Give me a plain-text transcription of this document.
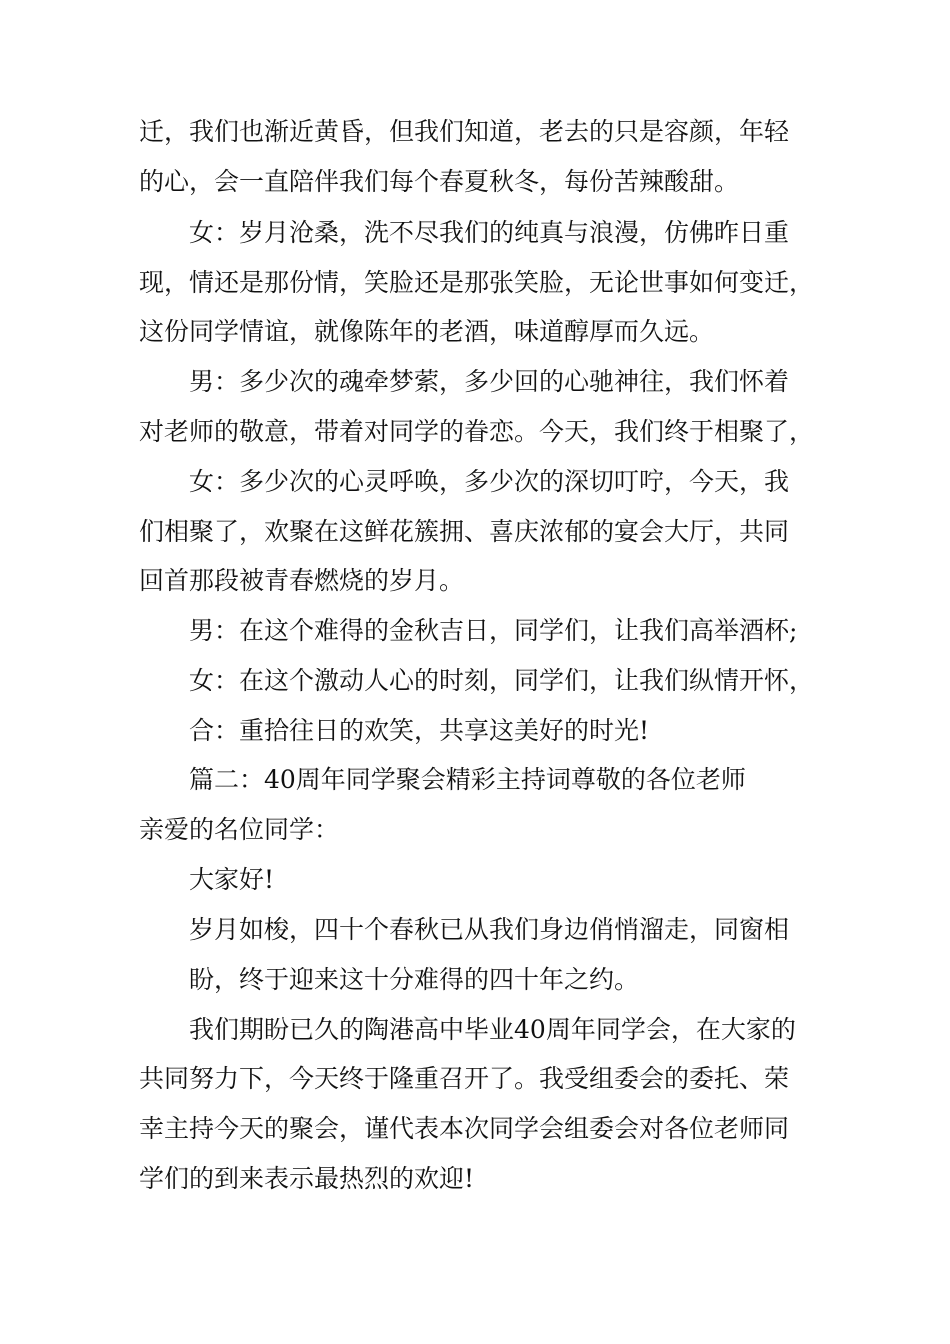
迁，我们也渐近黄昏，但我们知道，老去的只是容颜，年轻
的心，会一直陪伴我们每个春夏秋冬，每份苦辣酸甜。
女：岁月沧桑，洗不尽我们的纯真与浪漫，仿佛昨日重
现，情还是那份情，笑脸还是那张笑脸，无论世事如何变迁，
这份同学情谊，就像陈年的老酒，味道醇厚而久远。
男：多少次的魂牵梦萦，多少回的心驰神往，我们怀着
对老师的敬意，带着对同学的眷恋。今天，我们终于相聚了，
女：多少次的心灵呼唤，多少次的深切叮咛，今天，我
们相聚了，欢聚在这鲜花簇拥、喜庆浓郁的宴会大厅，共同
回首那段被青春燃烧的岁月。
男：在这个难得的金秋吉日，同学们，让我们高举酒杯;
女：在这个激动人心的时刻，同学们，让我们纵情开怀，
合：重拾往日的欢笑，共享这美好的时光!
篇二：40周年同学聚会精彩主持词尊敬的各位老师
亲爱的名位同学：
大家好!
岁月如梭，四十个春秋已从我们身边俏悄溜走，同窗相
盼，终于迎来这十分难得的四十年之约。
我们期盼已久的陶港高中毕业40周年同学会，在大家的
共同努力下，今天终于隆重召开了。我受组委会的委托、荣
幸主持今天的聚会，谨代表本次同学会组委会对各位老师同
学们的到来表示最热烈的欢迎!
